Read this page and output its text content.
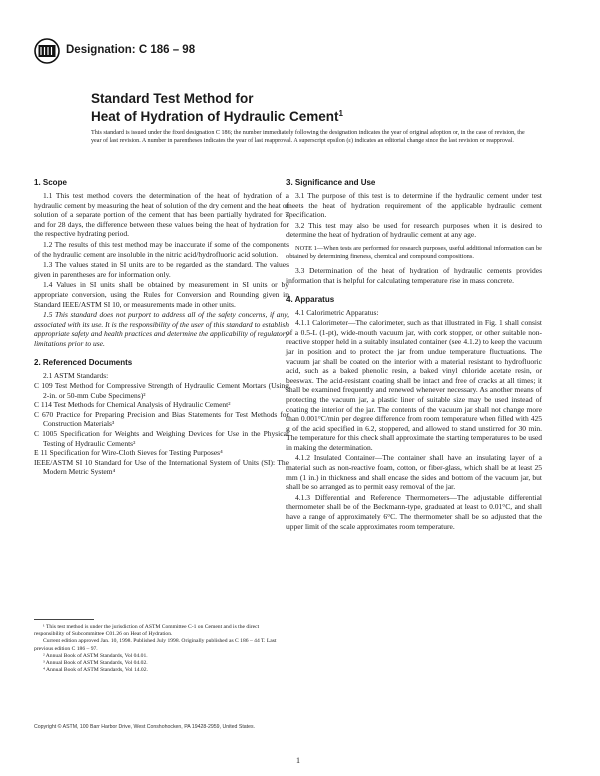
Designation: C 186 – 98
Standard Test Method for
Heat of Hydration of Hydraulic Cement$^1$
This standard is issued under the fixed designation C 186; the number immediately following the designation indicates the year of original adoption or, in the case of revision, the year of last revision. A number in parentheses indicates the year of last reapproval. A superscript epsilon (ε) indicates an editorial change since the last revision or reapproval.
1. Scope

1.1 This test method covers the determination of the heat of hydration of a hydraulic cement by measuring the heat of solution of the dry cement and the heat of solution of a separate portion of the cement that has been partially hydrated for 7 and for 28 days, the difference between these values being the heat of hydration for the respective hydrating period.

1.2 The results of this test method may be inaccurate if some of the components of the hydraulic cement are insoluble in the nitric acid/hydrofluoric acid solution.

1.3 The values stated in SI units are to be regarded as the standard. The values given in parentheses are for information only.

1.4 Values in SI units shall be obtained by measurement in SI units or by appropriate conversion, using the Rules for Conversion and Rounding given in Standard IEEE/ASTM SI 10, or measurements made in other units.

1.5 This standard does not purport to address all of the safety concerns, if any, associated with its use. It is the responsibility of the user of this standard to establish appropriate safety and health practices and determine the applicability of regulatory limitations prior to use.

2. Referenced Documents

2.1 ASTM Standards:

C 109 Test Method for Compressive Strength of Hydraulic Cement Mortars (Using 2-in. or 50-mm Cube Specimens)²

C 114 Test Methods for Chemical Analysis of Hydraulic Cement²

C 670 Practice for Preparing Precision and Bias Statements for Test Methods for Construction Materials³

C 1005 Specification for Weights and Weighing Devices for Use in the Physical Testing of Hydraulic Cements²

E 11 Specification for Wire-Cloth Sieves for Testing Purposes⁴

IEEE/ASTM SI 10 Standard for Use of the International System of Units (SI): The Modern Metric System⁴

¹ This test method is under the jurisdiction of ASTM Committee C-1 on Cement and is the direct responsibility of Subcommittee C01.26 on Heat of Hydration.

Current edition approved Jan. 10, 1998. Published July 1998. Originally published as C 186 – 44 T. Last previous edition C 186 – 97.

² Annual Book of ASTM Standards, Vol 04.01.

³ Annual Book of ASTM Standards, Vol 04.02.

⁴ Annual Book of ASTM Standards, Vol 14.02.

3. Significance and Use

3.1 The purpose of this test is to determine if the hydraulic cement under test meets the heat of hydration requirement of the applicable hydraulic cement specification.

3.2 This test may also be used for research purposes when it is desired to determine the heat of hydration of hydraulic cement at any age.

NOTE 1—When tests are performed for research purposes, useful additional information can be obtained by determining fineness, chemical and compound compositions.

3.3 Determination of the heat of hydration of hydraulic cements provides information that is helpful for calculating temperature rise in mass concrete.

4. Apparatus

4.1 Calorimetric Apparatus:

4.1.1 Calorimeter—The calorimeter, such as that illustrated in Fig. 1 shall consist of a 0.5-L (1-pt), wide-mouth vacuum jar, with cork stopper, or other suitable non-reactive stopper held in a suitably insulated container (see 4.1.2) to keep the vacuum jar in position and to protect the jar from undue temperature fluctuations. The vacuum jar shall be coated on the interior with a material resistant to hydrofluoric acid, such as a baked phenolic resin, a baked vinyl chloride acetate resin, or beeswax. The acid-resistant coating shall be intact and free of cracks at all times; it shall be examined frequently and renewed whenever necessary. As another means of protecting the vacuum jar, a plastic liner of suitable size may be used instead of coating the interior of the jar. The contents of the vacuum jar shall not change more than 0.001°C/min per degree difference from room temperature when filled with 425 g of the acid specified in 6.2, stoppered, and allowed to stand unstirred for 30 min. The temperature for this check shall approximate the starting temperatures to be used in making the determination.

4.1.2 Insulated Container—The container shall have an insulating layer of a material such as non-reactive foam, cotton, or fiber-glass, which shall be at least 25 mm (1 in.) in thickness and shall encase the sides and bottom of the vacuum jar, but shall be so arranged as to permit easy removal of the jar.

4.1.3 Differential and Reference Thermometers—The adjustable differential thermometer shall be of the Beckmann-type, graduated at least to 0.01°C, and shall have a range of approximately 6°C. The thermometer shall be so adjusted that the upper limit of the scale approximates room temperature.

Copyright © ASTM, 100 Barr Harbor Drive, West Conshohocken, PA 19428-2959, United States.
1
